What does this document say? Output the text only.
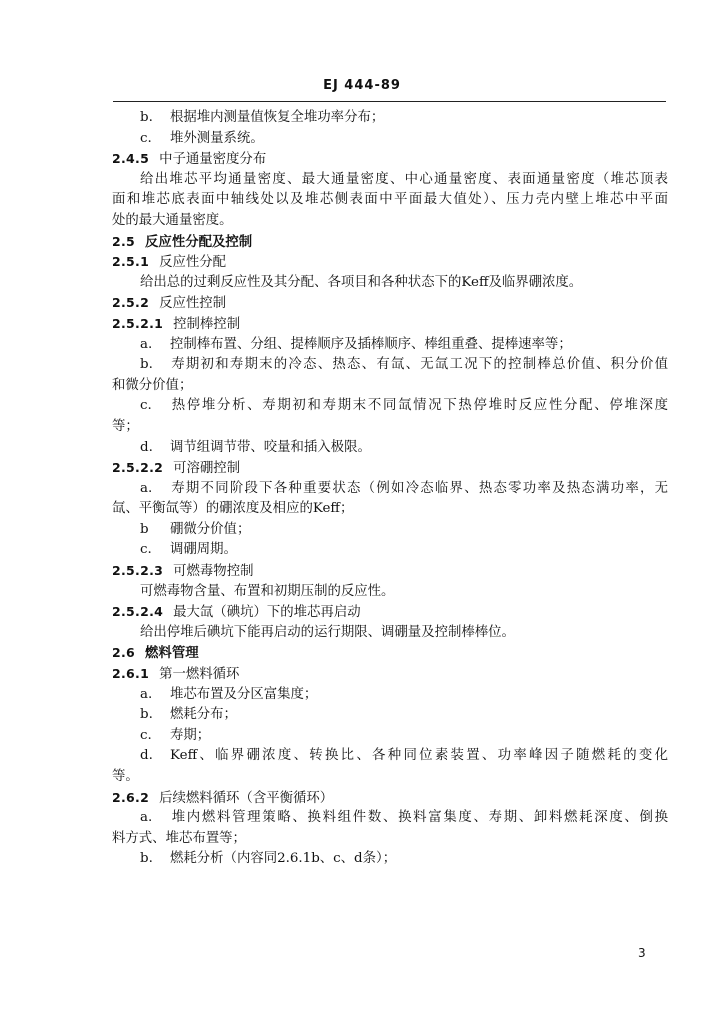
EJ 444-89
b. 根据堆内测量值恢复全堆功率分布；
c. 堆外测量系统。
2.4.5 中子通量密度分布
给出堆芯平均通量密度、最大通量密度、中心通量密度、表面通量密度（堆芯顶表
面和堆芯底表面中轴线处以及堆芯侧表面中平面最大值处）、压力壳内壁上堆芯中平面
处的最大通量密度。
2.5 反应性分配及控制
2.5.1 反应性分配
给出总的过剩反应性及其分配、各项目和各种状态下的Keff及临界硼浓度。
2.5.2 反应性控制
2.5.2.1 控制棒控制
a. 控制棒布置、分组、提棒顺序及插棒顺序、棒组重叠、提棒速率等；
b. 寿期初和寿期末的冷态、热态、有氙、无氙工况下的控制棒总价值、积分价值
和微分价值；
c. 热停堆分析、寿期初和寿期末不同氙情况下热停堆时反应性分配、停堆深度
等；
d. 调节组调节带、咬量和插入极限。
2.5.2.2 可溶硼控制
a. 寿期不同阶段下各种重要状态（例如冷态临界、热态零功率及热态满功率，无
氙、平衡氙等）的硼浓度及相应的Keff；
b 硼微分价值；
c. 调硼周期。
2.5.2.3 可燃毒物控制
可燃毒物含量、布置和初期压制的反应性。
2.5.2.4 最大氙（碘坑）下的堆芯再启动
给出停堆后碘坑下能再启动的运行期限、调硼量及控制棒棒位。
2.6 燃料管理
2.6.1 第一燃料循环
a. 堆芯布置及分区富集度；
b. 燃耗分布；
c. 寿期；
d. Keff、临界硼浓度、转换比、各种同位素装置、功率峰因子随燃耗的变化
等。
2.6.2 后续燃料循环（含平衡循环）
a. 堆内燃料管理策略、换料组件数、换料富集度、寿期、卸料燃耗深度、倒换
料方式、堆芯布置等；
b. 燃耗分析（内容同2.6.1b、c、d条）；
3
